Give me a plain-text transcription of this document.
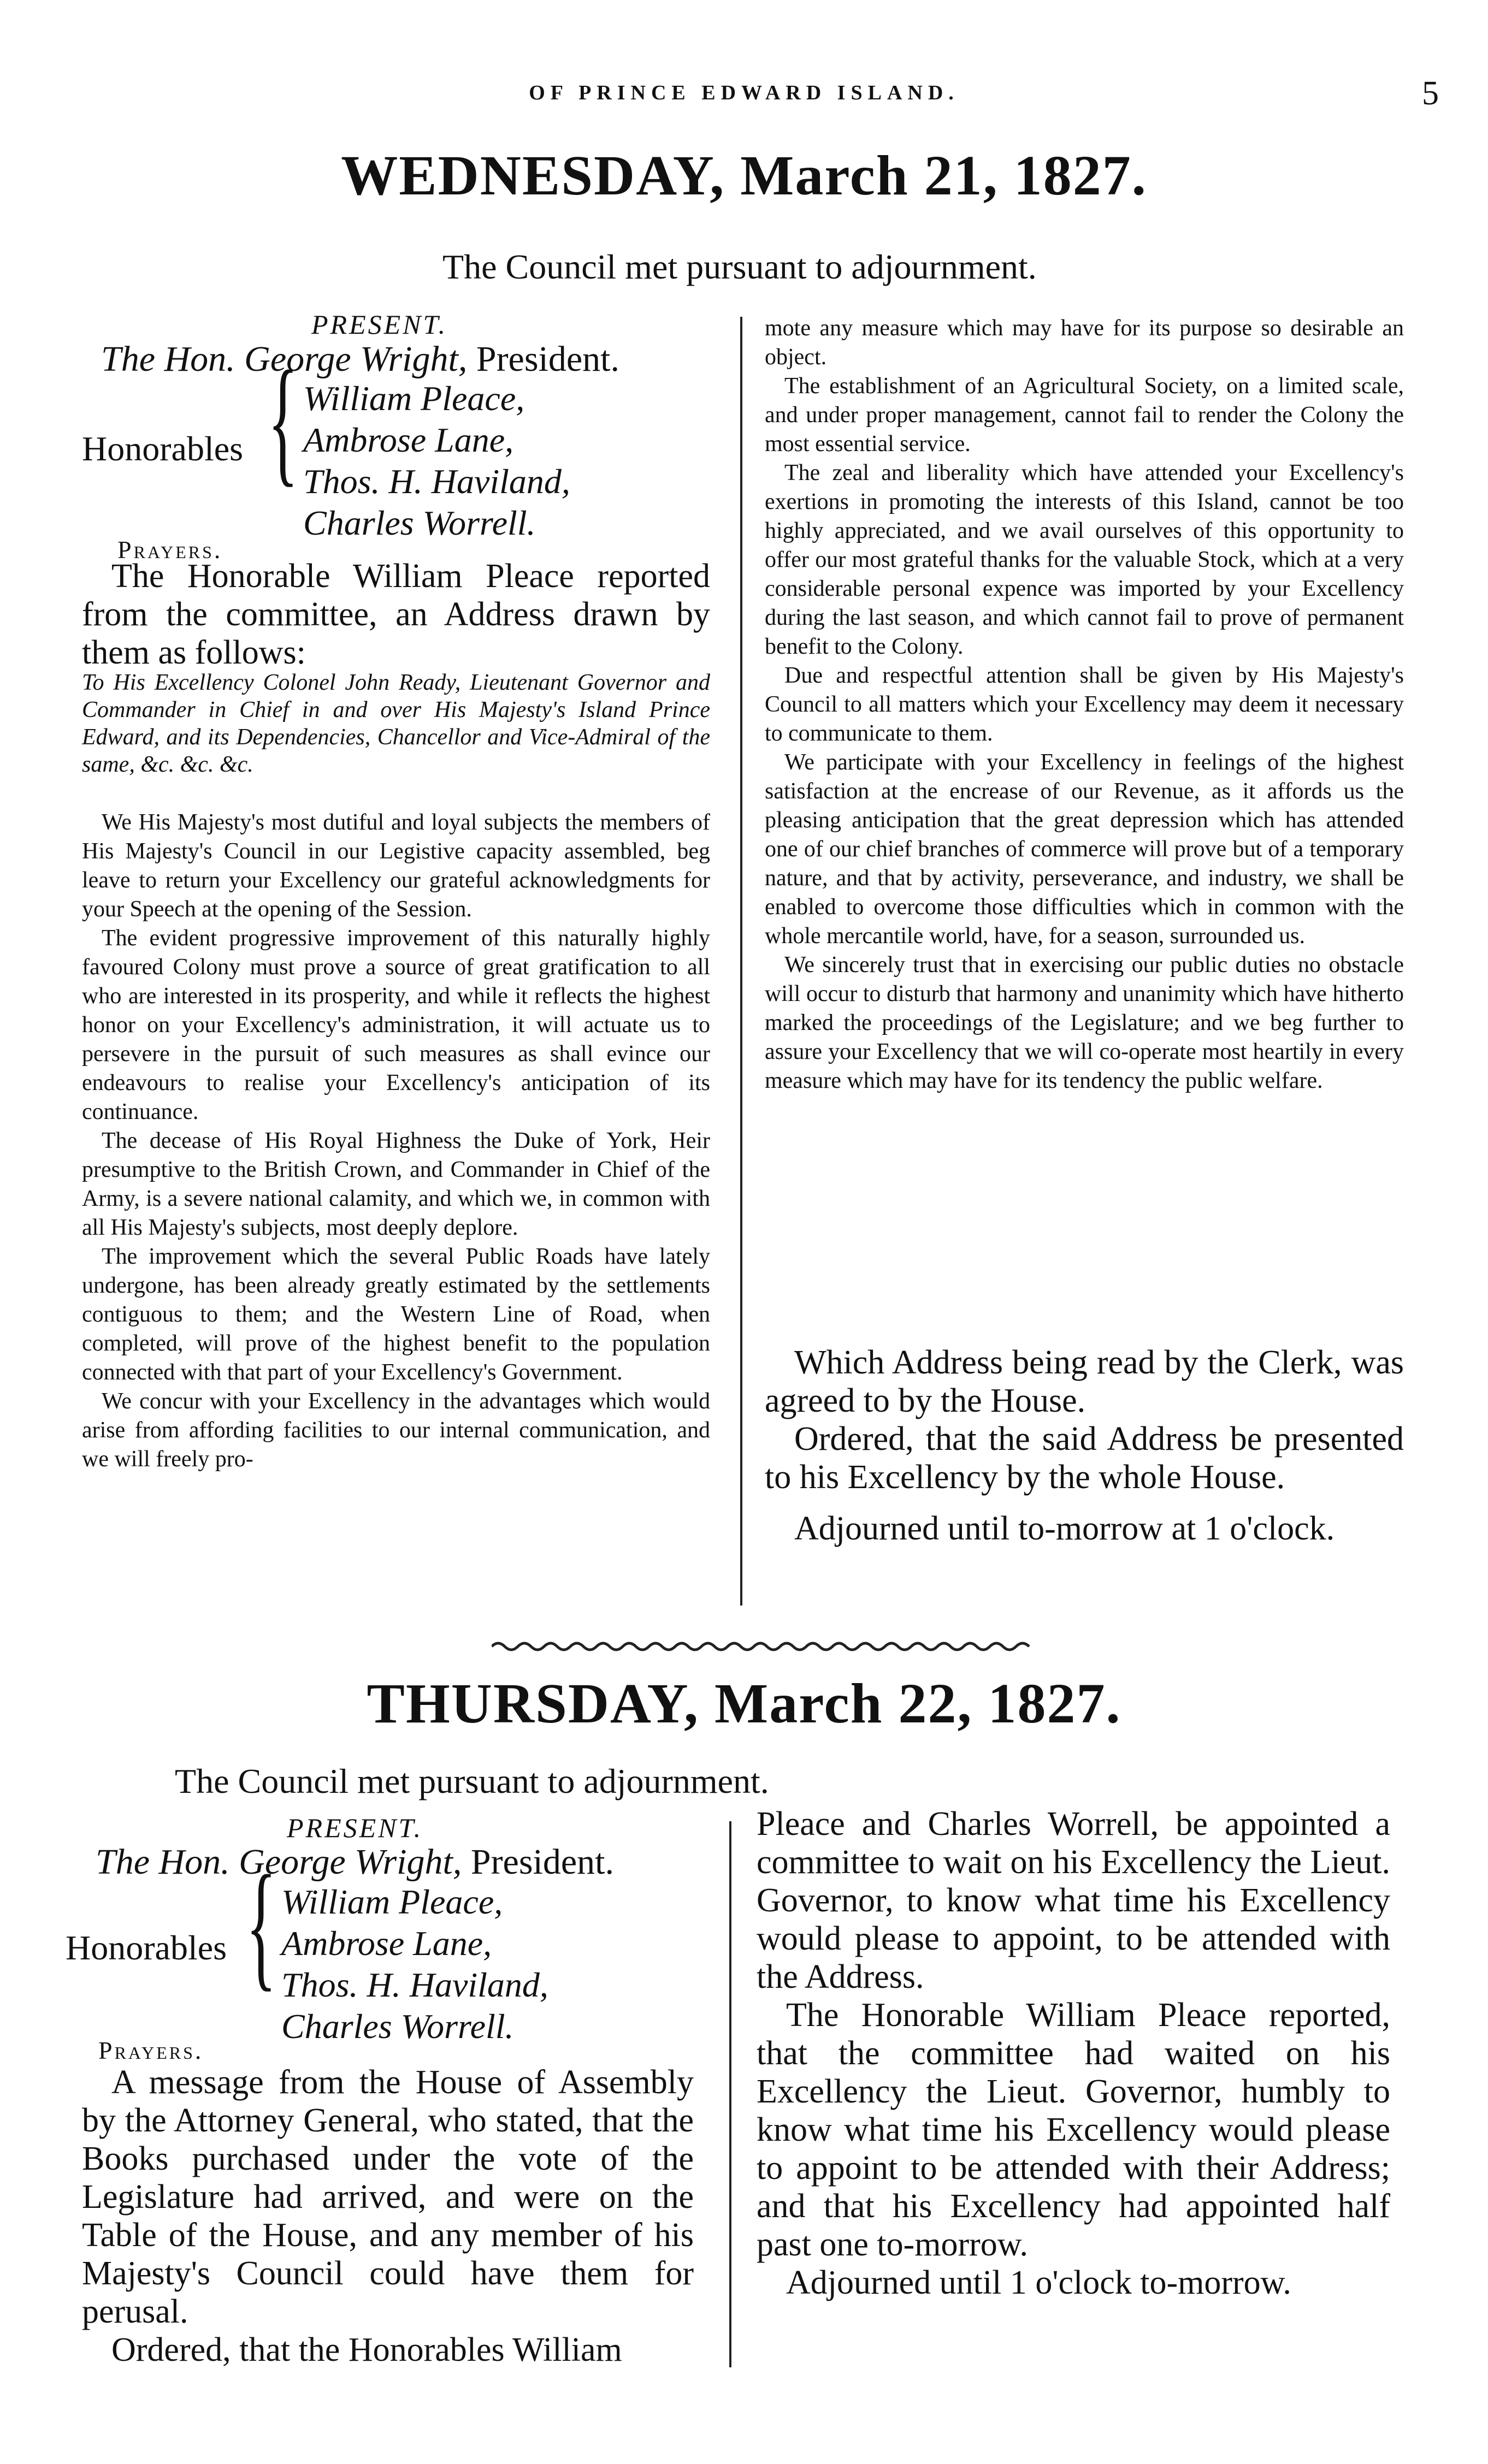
OF PRINCE EDWARD ISLAND.	5
WEDNESDAY, March 21, 1827.
The Council met pursuant to adjournment.
PRESENT.
The Hon. George Wright, President.
Honorables { William Pleace,
Ambrose Lane,
Thos. H. Haviland,
Charles Worrell.
Prayers.

The Honorable William Pleace reported from the committee, an Address drawn by them as follows:

To His Excellency Colonel John Ready, Lieutenant Governor and Commander in Chief in and over His Majesty's Island Prince Edward, and its Dependencies, Chancellor and Vice-Admiral of the same, &c. &c. &c.

We His Majesty's most dutiful and loyal subjects the members of His Majesty's Council in our Legistive capacity assembled, beg leave to return your Excellency our grateful acknowledgments for your Speech at the opening of the Session.

The evident progressive improvement of this naturally highly favoured Colony must prove a source of great gratification to all who are interested in its prosperity, and while it reflects the highest honor on your Excellency's administration, it will actuate us to persevere in the pursuit of such measures as shall evince our endeavours to realise your Excellency's anticipation of its continuance.

The decease of His Royal Highness the Duke of York, Heir presumptive to the British Crown, and Commander in Chief of the Army, is a severe national calamity, and which we, in common with all His Majesty's subjects, most deeply deplore.

The improvement which the several Public Roads have lately undergone, has been already greatly estimated by the settlements contiguous to them; and the Western Line of Road, when completed, will prove of the highest benefit to the population connected with that part of your Excellency's Government.

We concur with your Excellency in the advantages which would arise from affording facilities to our internal communication, and we will freely pro-

mote any measure which may have for its purpose so desirable an object.

The establishment of an Agricultural Society, on a limited scale, and under proper management, cannot fail to render the Colony the most essential service.

The zeal and liberality which have attended your Excellency's exertions in promoting the interests of this Island, cannot be too highly appreciated, and we avail ourselves of this opportunity to offer our most grateful thanks for the valuable Stock, which at a very considerable personal expence was imported by your Excellency during the last season, and which cannot fail to prove of permanent benefit to the Colony.

Due and respectful attention shall be given by His Majesty's Council to all matters which your Excellency may deem it necessary to communicate to them.

We participate with your Excellency in feelings of the highest satisfaction at the encrease of our Revenue, as it affords us the pleasing anticipation that the great depression which has attended one of our chief branches of commerce will prove but of a temporary nature, and that by activity, perseverance, and industry, we shall be enabled to overcome those difficulties which in common with the whole mercantile world, have, for a season, surrounded us.

We sincerely trust that in exercising our public duties no obstacle will occur to disturb that harmony and unanimity which have hitherto marked the proceedings of the Legislature; and we beg further to assure your Excellency that we will co-operate most heartily in every measure which may have for its tendency the public welfare.

Which Address being read by the Clerk, was agreed to by the House.

Ordered, that the said Address be presented to his Excellency by the whole House.

Adjourned until to-morrow at 1 o'clock.

THURSDAY, March 22, 1827.
The Council met pursuant to adjournment.
PRESENT.
The Hon. George Wright, President.
Honorables { William Pleace,
Ambrose Lane,
Thos. H. Haviland,
Charles Worrell.
Prayers.

A message from the House of Assembly by the Attorney General, who stated, that the Books purchased under the vote of the Legislature had arrived, and were on the Table of the House, and any member of his Majesty's Council could have them for perusal.

Ordered, that the Honorables William

Pleace and Charles Worrell, be appointed a committee to wait on his Excellency the Lieut. Governor, to know what time his Excellency would please to appoint, to be attended with the Address.

The Honorable William Pleace reported, that the committee had waited on his Excellency the Lieut. Governor, humbly to know what time his Excellency would please to appoint to be attended with their Address; and that his Excellency had appointed half past one to-morrow.

Adjourned until 1 o'clock to-morrow.
